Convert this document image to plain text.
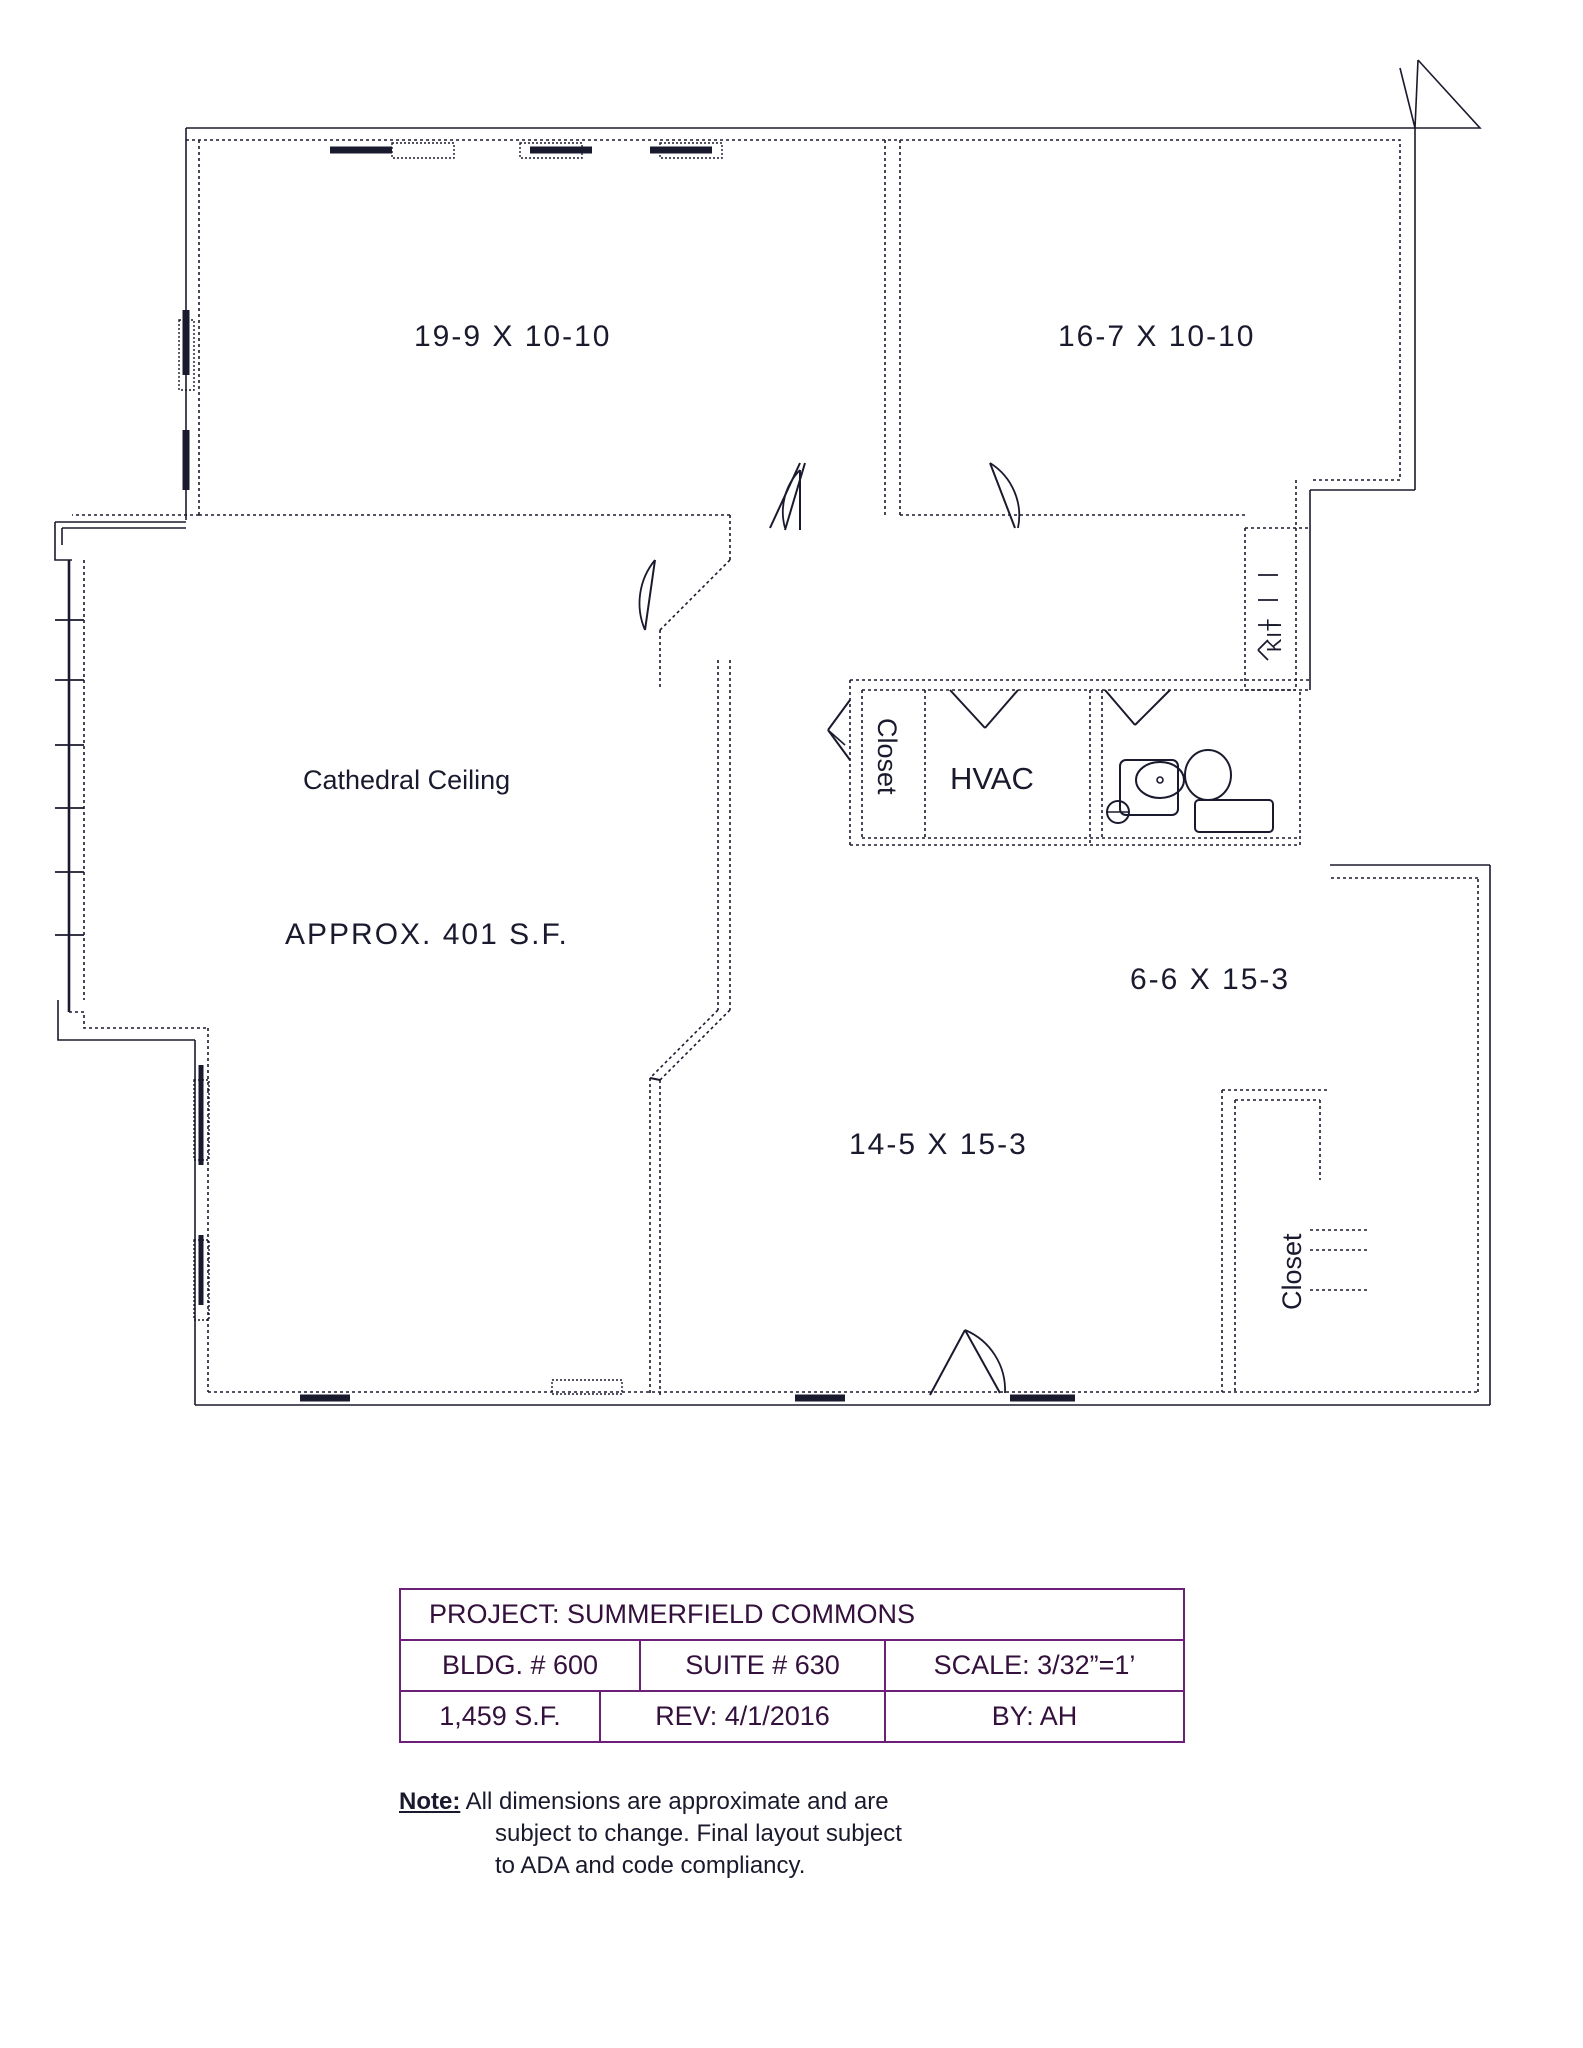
19-9 X 10-10	16-7 X 10-10
Cathedral Ceiling
APPROX. 401 S.F.
6-6 X 15-3
14-5 X 15-3
HVAC
Closet
Closet
KIT
PROJECT: SUMMERFIELD COMMONS
BLDG. # 600	SUITE # 630	SCALE: 3/32”=1’
1,459 S.F.	REV: 4/1/2016	BY: AH
Note: All dimensions are approximate and are
subject to change. Final layout subject
to ADA and code compliancy.
